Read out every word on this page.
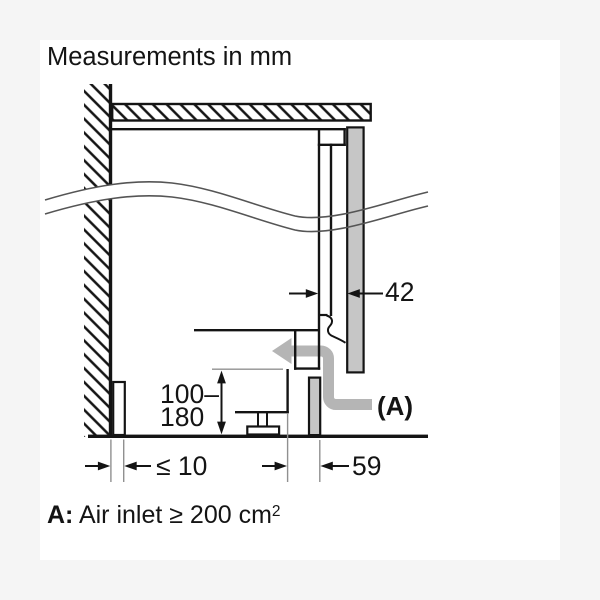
Measurements in mm
42
100–
180
≤ 10	59
(A)
A: Air inlet ≥ 200 $cm^2$
